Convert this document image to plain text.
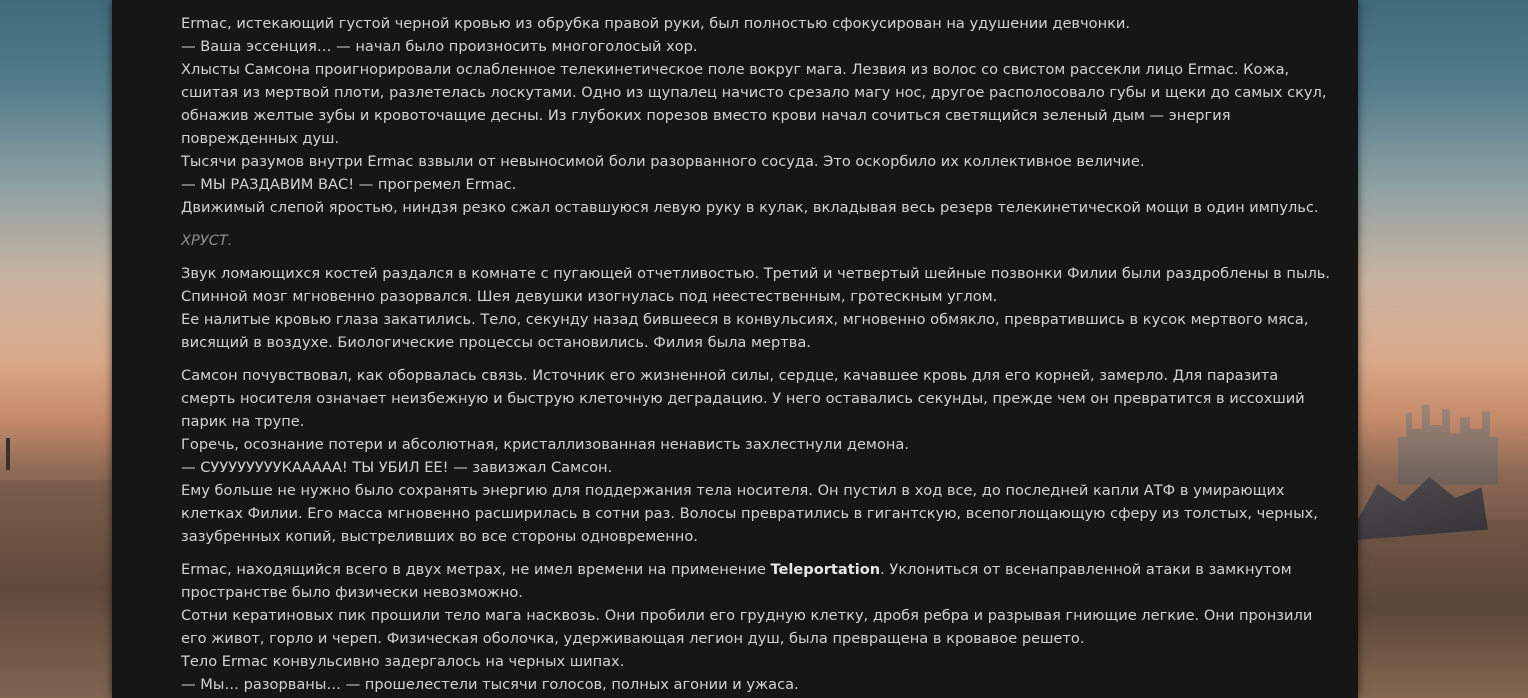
Ermac, истекающий густой черной кровью из обрубка правой руки, был полностью сфокусирован на удушении девчонки.

— Ваша эссенция… — начал было произносить многоголосый хор.

Хлысты Самсона проигнорировали ослабленное телекинетическое поле вокруг мага. Лезвия из волос со свистом рассекли лицо Ermac. Кожа, сшитая из мертвой плоти, разлетелась лоскутами. Одно из щупалец начисто срезало магу нос, другое располосовало губы и щеки до самых скул, обнажив желтые зубы и кровоточащие десны. Из глубоких порезов вместо крови начал сочиться светящийся зеленый дым — энергия поврежденных душ.

Тысячи разумов внутри Ermac взвыли от невыносимой боли разорванного сосуда. Это оскорбило их коллективное величие.

— МЫ РАЗДАВИМ ВАС! — прогремел Ermac.

Движимый слепой яростью, ниндзя резко сжал оставшуюся левую руку в кулак, вкладывая весь резерв телекинетической мощи в один импульс.

ХРУСТ.

Звук ломающихся костей раздался в комнате с пугающей отчетливостью. Третий и четвертый шейные позвонки Филии были раздроблены в пыль. Спинной мозг мгновенно разорвался. Шея девушки изогнулась под неестественным, гротескным углом.

Ее налитые кровью глаза закатились. Тело, секунду назад бившееся в конвульсиях, мгновенно обмякло, превратившись в кусок мертвого мяса, висящий в воздухе. Биологические процессы остановились. Филия была мертва.

Самсон почувствовал, как оборвалась связь. Источник его жизненной силы, сердце, качавшее кровь для его корней, замерло. Для паразита смерть носителя означает неизбежную и быструю клеточную деградацию. У него оставались секунды, прежде чем он превратится в иссохший парик на трупе.

Горечь, осознание потери и абсолютная, кристаллизованная ненависть захлестнули демона.

— СУУУУУУУУКААААА! ТЫ УБИЛ ЕЕ! — завизжал Самсон.

Ему больше не нужно было сохранять энергию для поддержания тела носителя. Он пустил в ход все, до последней капли АТФ в умирающих клетках Филии. Его масса мгновенно расширилась в сотни раз. Волосы превратились в гигантскую, всепоглощающую сферу из толстых, черных, зазубренных копий, выстреливших во все стороны одновременно.

Ermac, находящийся всего в двух метрах, не имел времени на применение Teleportation. Уклониться от всенаправленной атаки в замкнутом пространстве было физически невозможно.

Сотни кератиновых пик прошили тело мага насквозь. Они пробили его грудную клетку, дробя ребра и разрывая гниющие легкие. Они пронзили его живот, горло и череп. Физическая оболочка, удерживающая легион душ, была превращена в кровавое решето.

Тело Ermac конвульсивно задергалось на черных шипах.

— Мы… разорваны… — прошелестели тысячи голосов, полных агонии и ужаса.
